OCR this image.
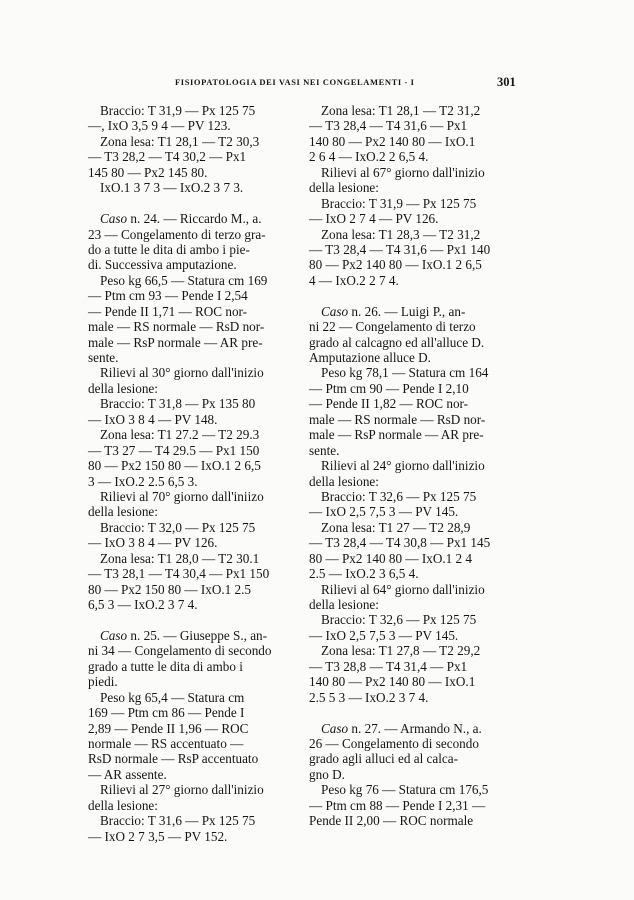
FISIOPATOLOGIA DEI VASI NEI CONGELAMENTI - I	301
Braccio: T 31,9 — Px 125 75
—, IxO 3,5 9 4 — PV 123.
Zona lesa: T1 28,1 — T2 30,3
— T3 28,2 — T4 30,2 — Px1
145 80 — Px2 145 80.
IxO.1 3 7 3 — IxO.2 3 7 3.
Caso n. 24. — Riccardo M., a.
23 — Congelamento di terzo gra-
do a tutte le dita di ambo i pie-
di. Successiva amputazione.
Peso kg 66,5 — Statura cm 169
— Ptm cm 93 — Pende I 2,54
— Pende II 1,71 — ROC nor-
male — RS normale — RsD nor-
male — RsP normale — AR pre-
sente.
Rilievi al 30° giorno dall'inizio
della lesione:
Braccio: T 31,8 — Px 135 80
— IxO 3 8 4 — PV 148.
Zona lesa: T1 27.2 — T2 29.3
— T3 27 — T4 29.5 — Px1 150
80 — Px2 150 80 — IxO.1 2 6,5
3 — IxO.2 2.5 6,5 3.
Rilievi al 70° giorno dall'iniizo
della lesione:
Braccio: T 32,0 — Px 125 75
— IxO 3 8 4 — PV 126.
Zona lesa: T1 28,0 — T2 30.1
— T3 28,1 — T4 30,4 — Px1 150
80 — Px2 150 80 — IxO.1 2.5
6,5 3 — IxO.2 3 7 4.
Caso n. 25. — Giuseppe S., an-
ni 34 — Congelamento di secondo
grado a tutte le dita di ambo i
piedi.
Peso kg 65,4 — Statura cm
169 — Ptm cm 86 — Pende I
2,89 — Pende II 1,96 — ROC
normale — RS accentuato —
RsD normale — RsP accentuato
— AR assente.
Rilievi al 27° giorno dall'inizio
della lesione:
Braccio: T 31,6 — Px 125 75
— IxO 2 7 3,5 — PV 152.
Zona lesa: T1 28,1 — T2 31,2
— T3 28,4 — T4 31,6 — Px1
140 80 — Px2 140 80 — IxO.1
2 6 4 — IxO.2 2 6,5 4.
Rilievi al 67° giorno dall'inizio
della lesione:
Braccio: T 31,9 — Px 125 75
— IxO 2 7 4 — PV 126.
Zona lesa: T1 28,3 — T2 31,2
— T3 28,4 — T4 31,6 — Px1 140
80 — Px2 140 80 — IxO.1 2 6,5
4 — IxO.2 2 7 4.
Caso n. 26. — Luigi P., an-
ni 22 — Congelamento di terzo
grado al calcagno ed all'alluce D.
Amputazione alluce D.
Peso kg 78,1 — Statura cm 164
— Ptm cm 90 — Pende I 2,10
— Pende II 1,82 — ROC nor-
male — RS normale — RsD nor-
male — RsP normale — AR pre-
sente.
Rilievi al 24° giorno dall'inizio
della lesione:
Braccio: T 32,6 — Px 125 75
— IxO 2,5 7,5 3 — PV 145.
Zona lesa: T1 27 — T2 28,9
— T3 28,4 — T4 30,8 — Px1 145
80 — Px2 140 80 — IxO.1 2 4
2.5 — IxO.2 3 6,5 4.
Rilievi al 64° giorno dall'inizio
della lesione:
Braccio: T 32,6 — Px 125 75
— IxO 2,5 7,5 3 — PV 145.
Zona lesa: T1 27,8 — T2 29,2
— T3 28,8 — T4 31,4 — Px1
140 80 — Px2 140 80 — IxO.1
2.5 5 3 — IxO.2 3 7 4.
Caso n. 27. — Armando N., a.
26 — Congelamento di secondo
grado agli alluci ed al calca-
gno D.
Peso kg 76 — Statura cm 176,5
— Ptm cm 88 — Pende I 2,31 —
Pende II 2,00 — ROC normale
